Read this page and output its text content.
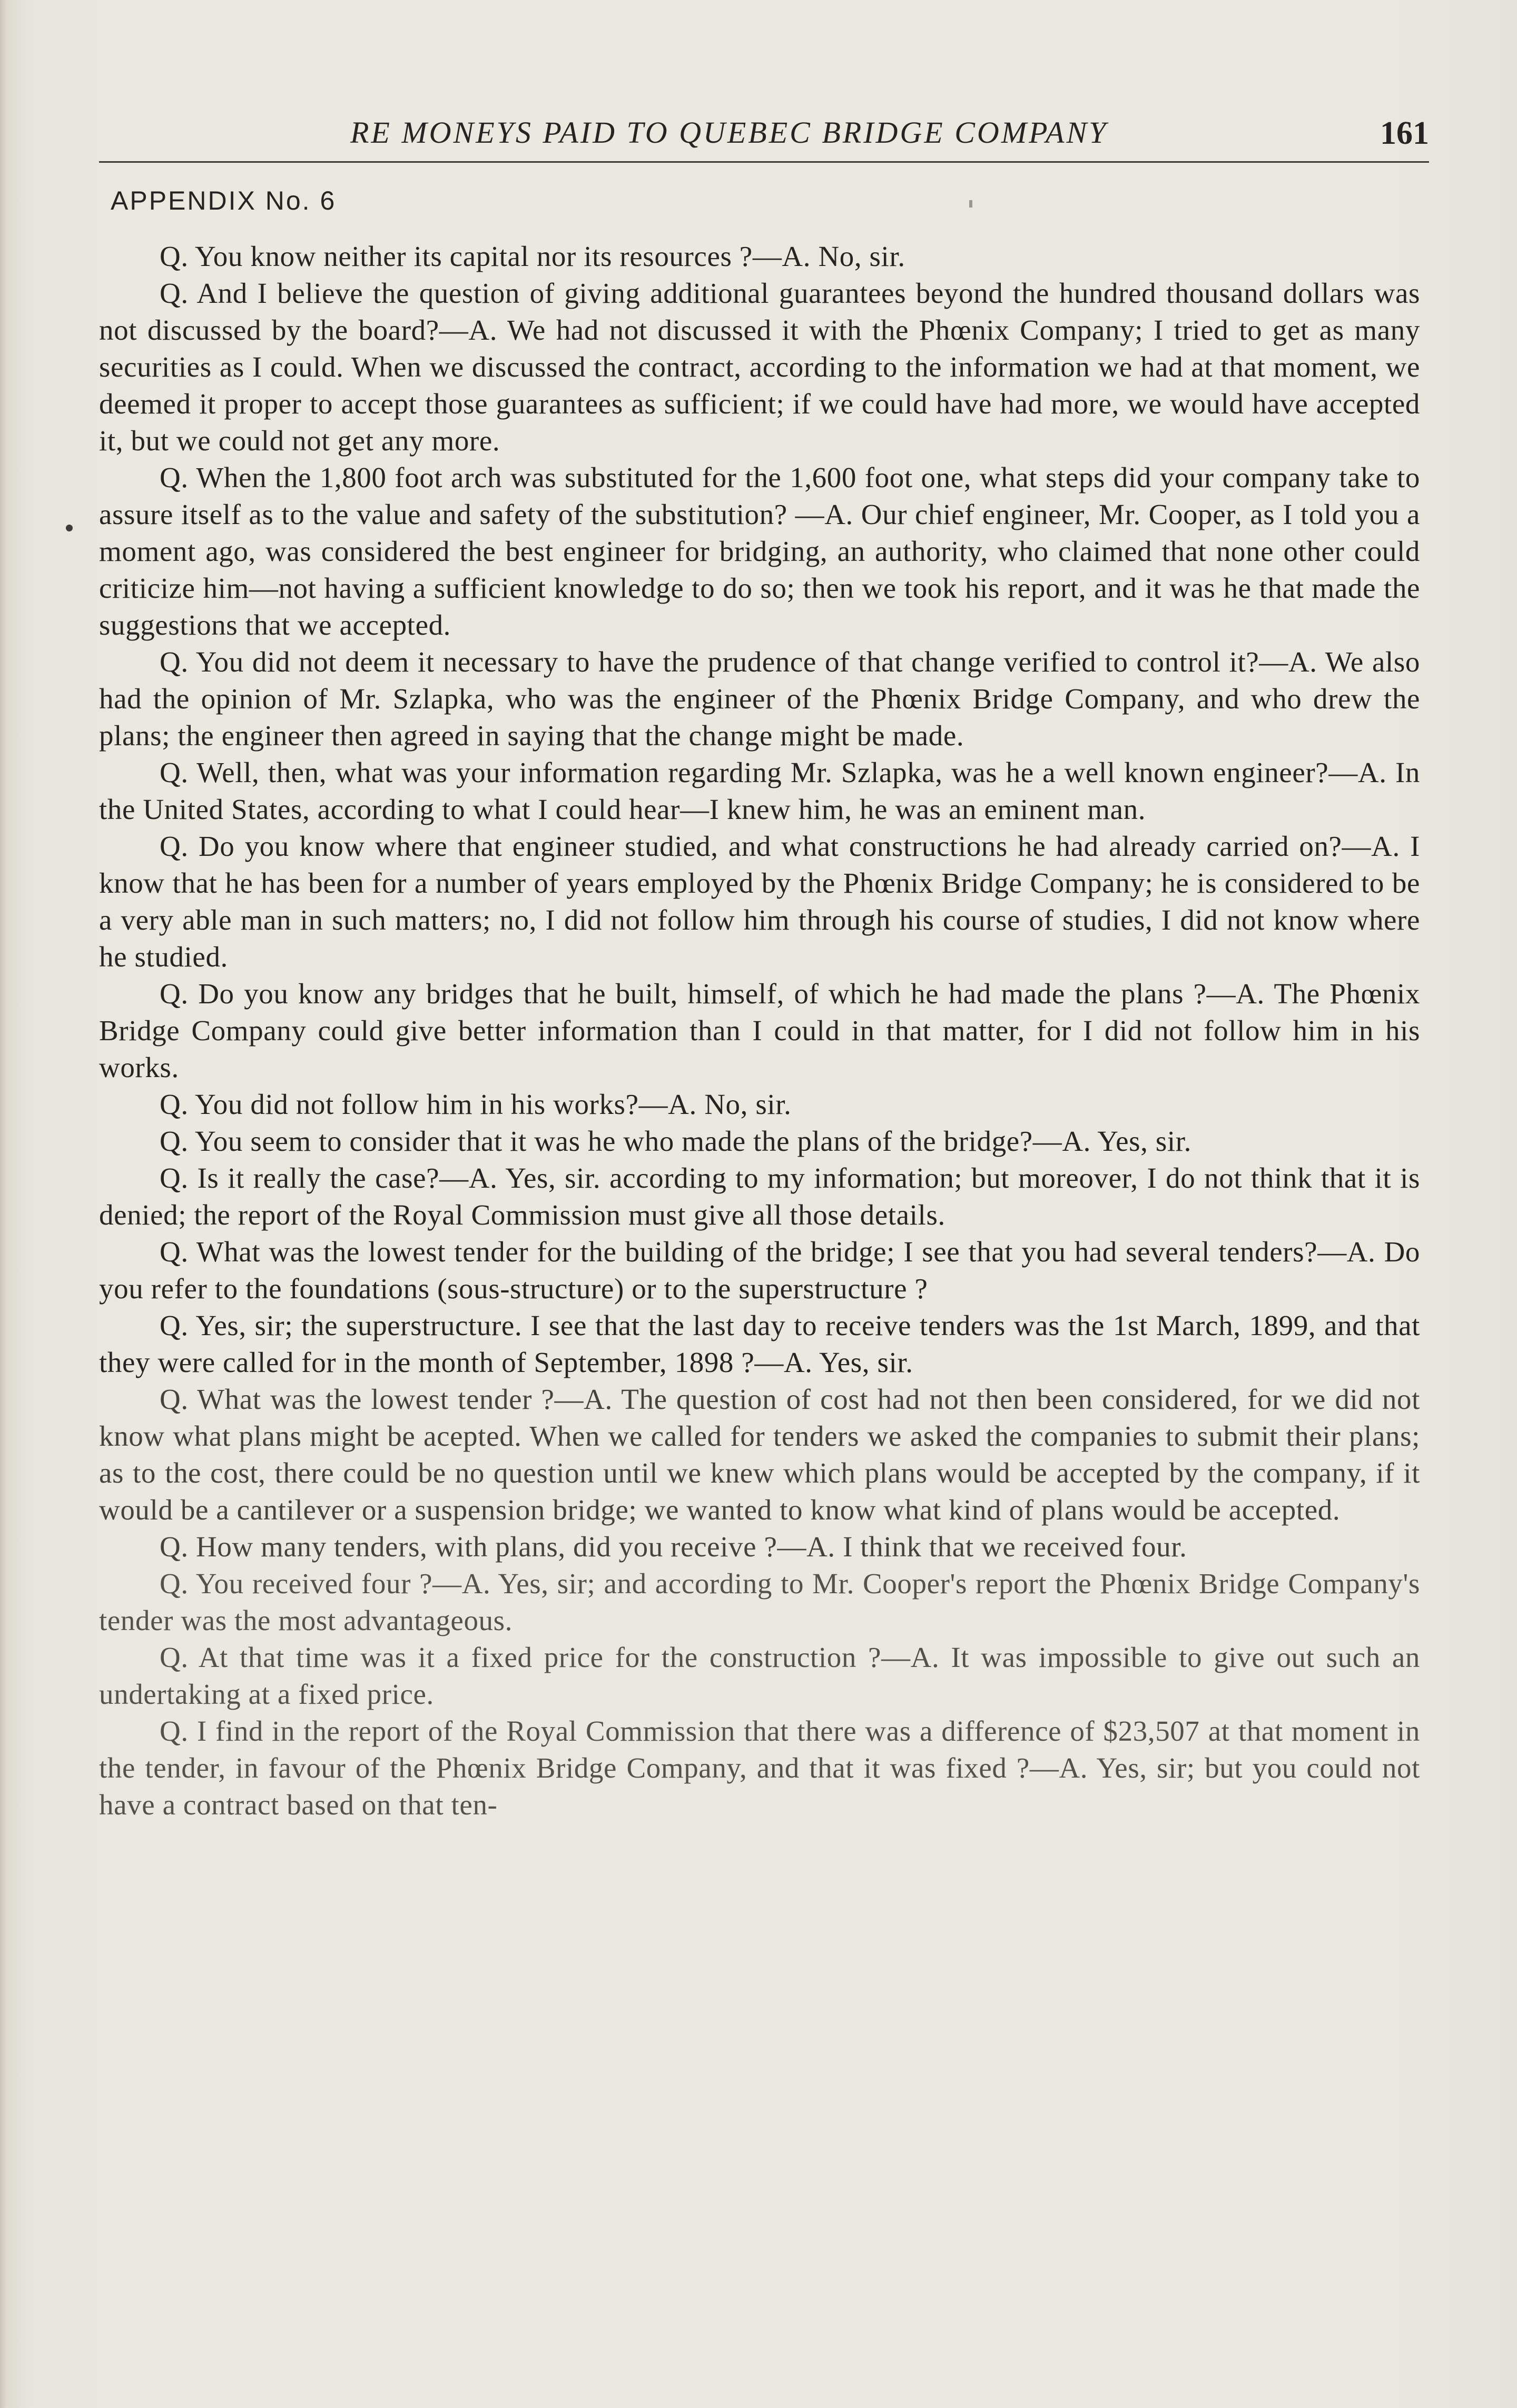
RE MONEYS PAID TO QUEBEC BRIDGE COMPANY	161
APPENDIX No. 6

Q. You know neither its capital nor its resources ?—A. No, sir.

Q. And I believe the question of giving additional guarantees beyond the hundred thousand dollars was not discussed by the board?—A. We had not discussed it with the Phœnix Company; I tried to get as many securities as I could. When we discussed the contract, according to the information we had at that moment, we deemed it proper to accept those guarantees as sufficient; if we could have had more, we would have accepted it, but we could not get any more.

Q. When the 1,800 foot arch was substituted for the 1,600 foot one, what steps did your company take to assure itself as to the value and safety of the substitution? —A. Our chief engineer, Mr. Cooper, as I told you a moment ago, was considered the best engineer for bridging, an authority, who claimed that none other could criticize him—not having a sufficient knowledge to do so; then we took his report, and it was he that made the suggestions that we accepted.

Q. You did not deem it necessary to have the prudence of that change verified to control it?—A. We also had the opinion of Mr. Szlapka, who was the engineer of the Phœnix Bridge Company, and who drew the plans; the engineer then agreed in saying that the change might be made.

Q. Well, then, what was your information regarding Mr. Szlapka, was he a well known engineer?—A. In the United States, according to what I could hear—I knew him, he was an eminent man.

Q. Do you know where that engineer studied, and what constructions he had already carried on?—A. I know that he has been for a number of years employed by the Phœnix Bridge Company; he is considered to be a very able man in such matters; no, I did not follow him through his course of studies, I did not know where he studied.

Q. Do you know any bridges that he built, himself, of which he had made the plans ?—A. The Phœnix Bridge Company could give better information than I could in that matter, for I did not follow him in his works.

Q. You did not follow him in his works?—A. No, sir.

Q. You seem to consider that it was he who made the plans of the bridge?—A. Yes, sir.

Q. Is it really the case?—A. Yes, sir. according to my information; but moreover, I do not think that it is denied; the report of the Royal Commission must give all those details.

Q. What was the lowest tender for the building of the bridge; I see that you had several tenders?—A. Do you refer to the foundations (sous-structure) or to the superstructure ?

Q. Yes, sir; the superstructure. I see that the last day to receive tenders was the 1st March, 1899, and that they were called for in the month of September, 1898 ?—A. Yes, sir.

Q. What was the lowest tender ?—A. The question of cost had not then been considered, for we did not know what plans might be acepted. When we called for tenders we asked the companies to submit their plans; as to the cost, there could be no question until we knew which plans would be accepted by the company, if it would be a cantilever or a suspension bridge; we wanted to know what kind of plans would be accepted.

Q. How many tenders, with plans, did you receive ?—A. I think that we received four.

Q. You received four ?—A. Yes, sir; and according to Mr. Cooper's report the Phœnix Bridge Company's tender was the most advantageous.

Q. At that time was it a fixed price for the construction ?—A. It was impossible to give out such an undertaking at a fixed price.

Q. I find in the report of the Royal Commission that there was a difference of $23,507 at that moment in the tender, in favour of the Phœnix Bridge Company, and that it was fixed ?—A. Yes, sir; but you could not have a contract based on that ten-
